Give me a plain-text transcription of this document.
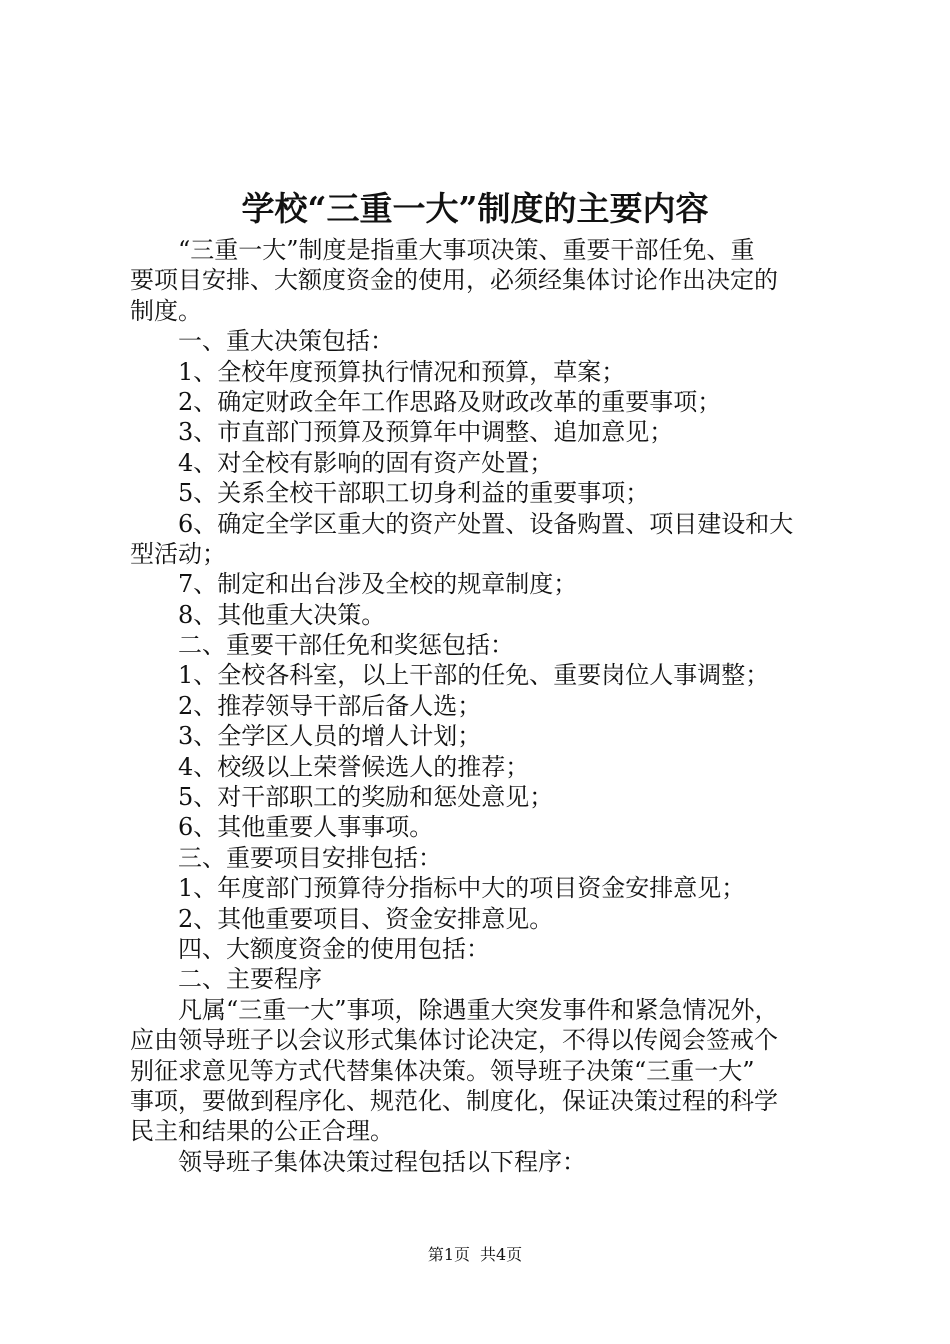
学校“三重一大”制度的主要内容
“三重一大”制度是指重大事项决策、重要干部任免、重
要项目安排、大额度资金的使用，必须经集体讨论作出决定的
制度。
一、重大决策包括：
1、全校年度预算执行情况和预算，草案；
2、确定财政全年工作思路及财政改革的重要事项；
3、市直部门预算及预算年中调整、追加意见；
4、对全校有影响的固有资产处置；
5、关系全校干部职工切身利益的重要事项；
6、确定全学区重大的资产处置、设备购置、项目建设和大
型活动；
7、制定和出台涉及全校的规章制度；
8、其他重大决策。
二、重要干部任免和奖惩包括：
1、全校各科室，以上干部的任免、重要岗位人事调整；
2、推荐领导干部后备人选；
3、全学区人员的增人计划；
4、校级以上荣誉候选人的推荐；
5、对干部职工的奖励和惩处意见；
6、其他重要人事事项。
三、重要项目安排包括：
1、年度部门预算待分指标中大的项目资金安排意见；
2、其他重要项目、资金安排意见。
四、大额度资金的使用包括：
二、主要程序
凡属“三重一大”事项，除遇重大突发事件和紧急情况外，
应由领导班子以会议形式集体讨论决定，不得以传阅会签戒个
别征求意见等方式代替集体决策。领导班子决策“三重一大”
事项，要做到程序化、规范化、制度化，保证决策过程的科学
民主和结果的公正合理。
领导班子集体决策过程包括以下程序：
第1页 共4页
